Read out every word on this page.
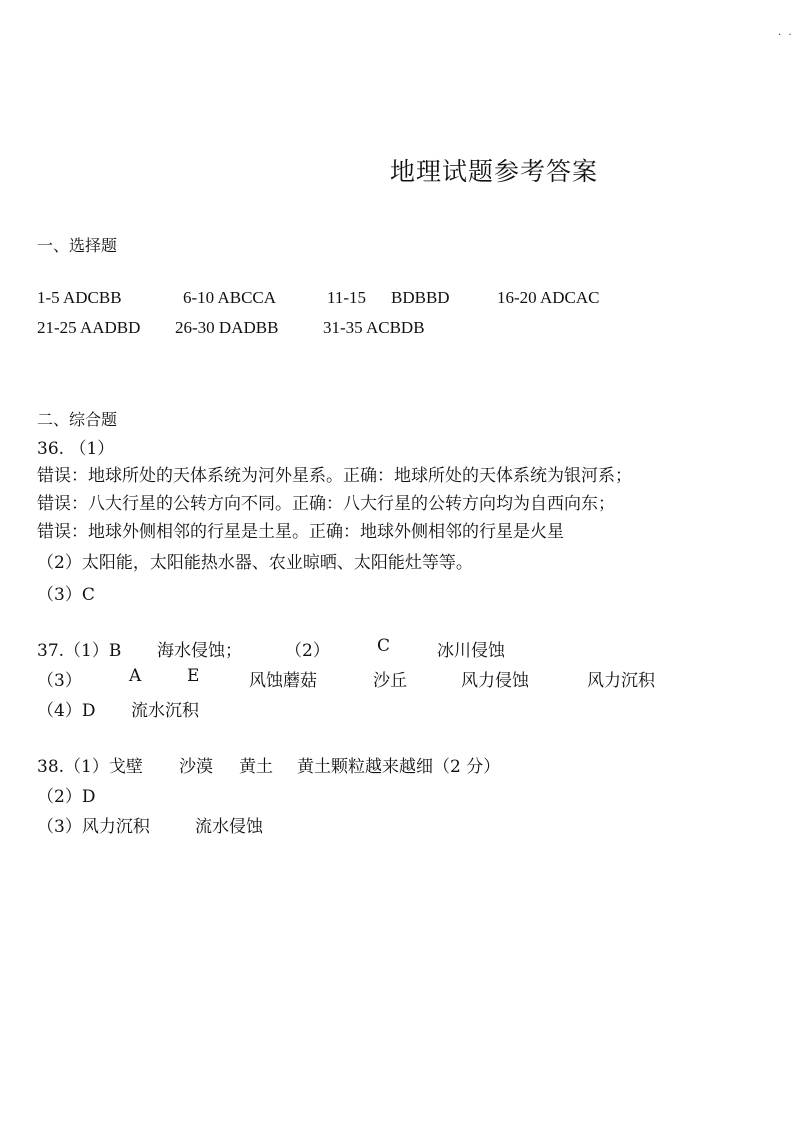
· ·
地理试题参考答案
一、选择题
1-5 ADCBB	6-10 ABCCA	11-15 BDBBD	16-20 ADCAC
21-25 AADBD 26-30 DADBB	31-35 ACBDB
二、综合题
36. （1）
错误：地球所处的天体系统为河外星系。正确：地球所处的天体系统为银河系；
错误：八大行星的公转方向不同。正确：八大行星的公转方向均为自西向东；
错误：地球外侧相邻的行星是土星。正确：地球外侧相邻的行星是火星
（2）太阳能，太阳能热水器、农业晾晒、太阳能灶等等。
（3）C
37.（1）B 海水侵蚀；	（2）	C	冰川侵蚀
（3）	A	E	风蚀蘑菇	沙丘	风力侵蚀	风力沉积
（4）D 流水沉积
38.（1）戈壁 沙漠 黄土 黄土颗粒越来越细（2 分）
（2）D
（3）风力沉积	流水侵蚀
